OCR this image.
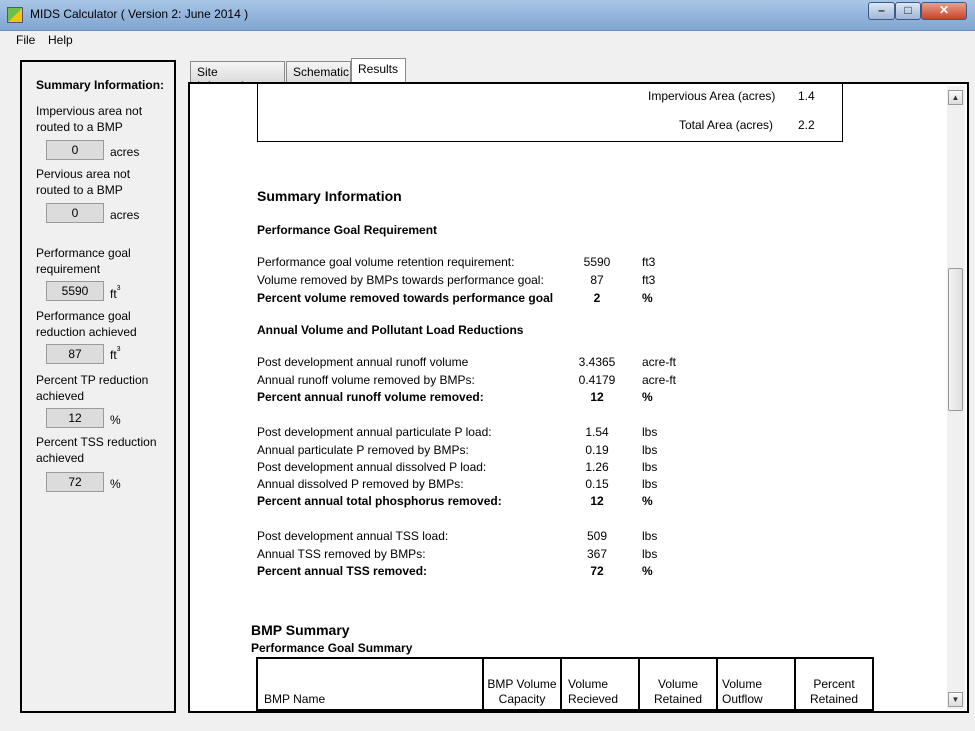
MIDS Calculator ( Version 2: June 2014 )	–	□	✕
File Help
Summary Information:
Impervious area not routed to a BMP
0	acres
Pervious area not routed to a BMP
0	acres
Performance goal requirement
5590	$ft^3$
Performance goal reduction achieved
87	$ft^3$
Percent TP reduction achieved
12	%
Percent TSS reduction achieved
72	%
Site	Schematic Results
Impervious Area (acres) 1.4
Total Area (acres) 2.2
Summary Information
Performance Goal Requirement
Performance goal volume retention requirement:	5590	ft3
Volume removed by BMPs towards performance goal:	87	ft3
Percent volume removed towards performance goal	2	%
Annual Volume and Pollutant Load Reductions
Post development annual runoff volume	3.4365	acre-ft
Annual runoff volume removed by BMPs:	0.4179	acre-ft
Percent annual runoff volume removed:	12	%
Post development annual particulate P load:	1.54	lbs
Annual particulate P removed by BMPs:	0.19	lbs
Post development annual dissolved P load:	1.26	lbs
Annual dissolved P removed by BMPs:	0.15	lbs
Percent annual total phosphorus removed:	12	%
Post development annual TSS load:	509	lbs
Annual TSS removed by BMPs:	367	lbs
Percent annual TSS removed:	72	%
BMP Summary
Performance Goal Summary
BMP Name	BMP Volume Capacity	Volume Recieved	Volume Retained	Volume Outflow	Percent Retained
▲
▼
